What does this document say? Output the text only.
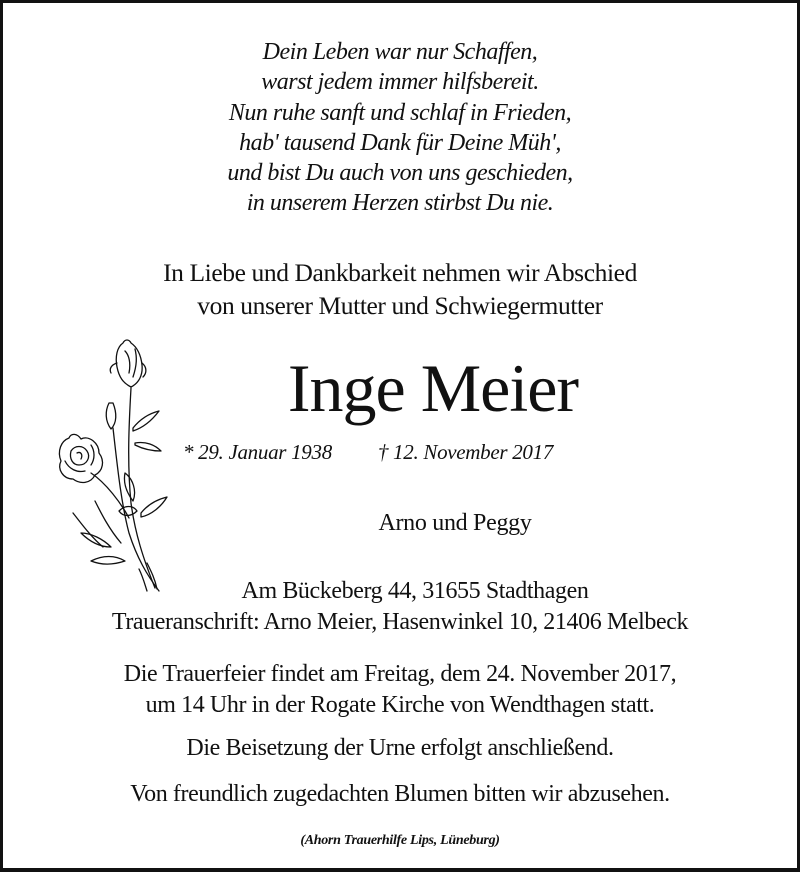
Dein Leben war nur Schaffen,
warst jedem immer hilfsbereit.
Nun ruhe sanft und schlaf in Frieden,
hab' tausend Dank für Deine Müh',
und bist Du auch von uns geschieden,
in unserem Herzen stirbst Du nie.
In Liebe und Dankbarkeit nehmen wir Abschied
von unserer Mutter und Schwiegermutter
Inge Meier
* 29. Januar 1938 † 12. November 2017
Arno und Peggy
Am Bückeberg 44, 31655 Stadthagen
Traueranschrift: Arno Meier, Hasenwinkel 10, 21406 Melbeck
Die Trauerfeier findet am Freitag, dem 24. November 2017,
um 14 Uhr in der Rogate Kirche von Wendthagen statt.
Die Beisetzung der Urne erfolgt anschließend.
Von freundlich zugedachten Blumen bitten wir abzusehen.
(Ahorn Trauerhilfe Lips, Lüneburg)
